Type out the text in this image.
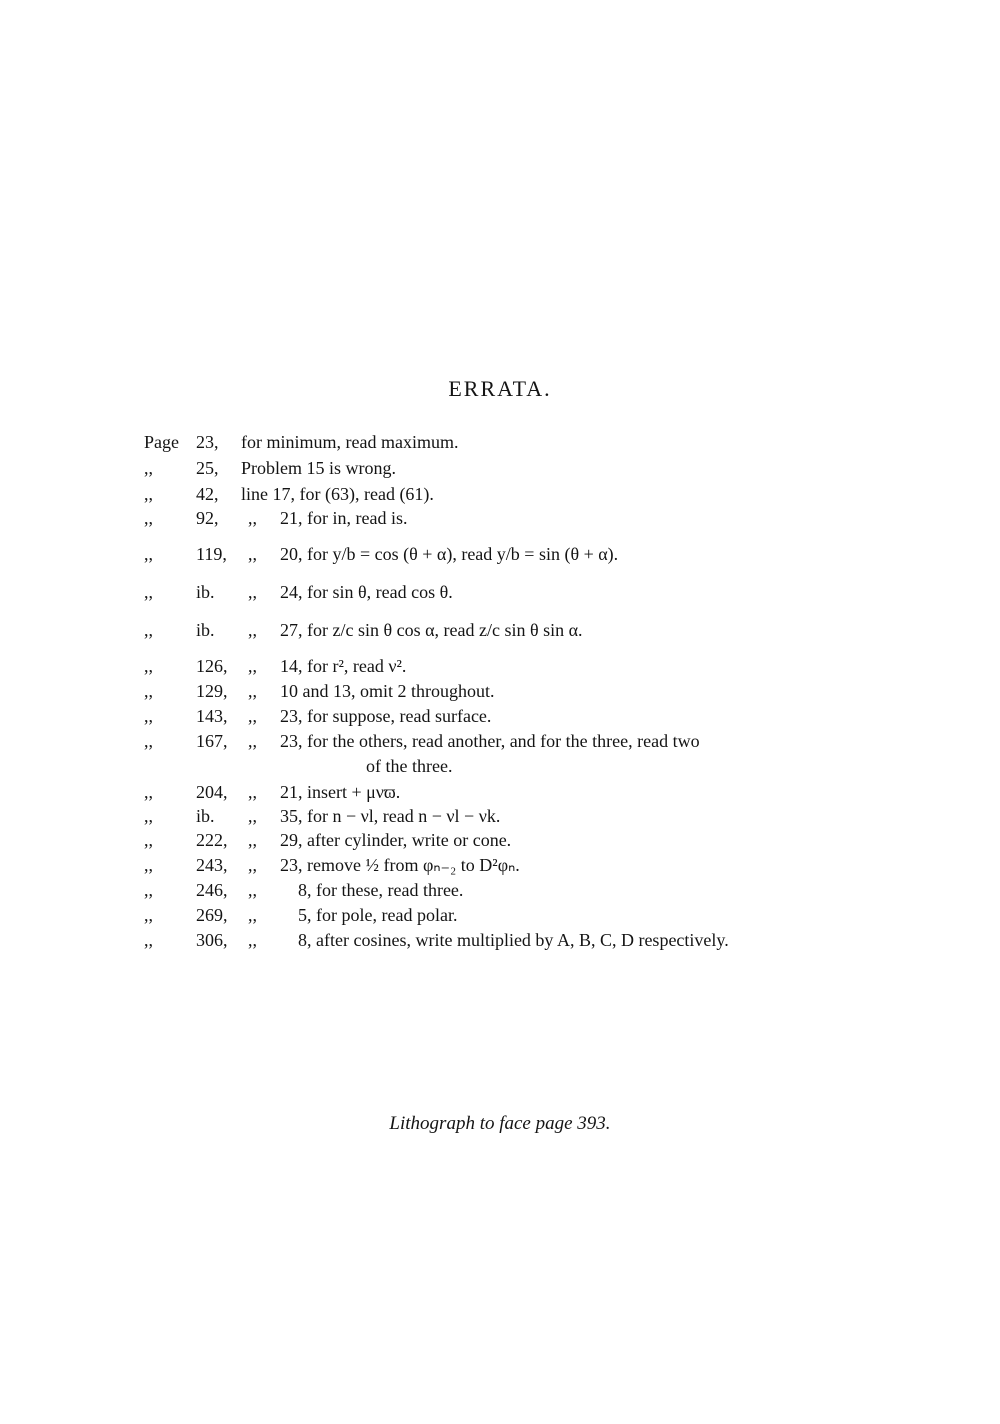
ERRATA.
Page 23, for minimum, read maximum.
,, 25, Problem 15 is wrong.
,, 42, line 17, for (63), read (61).
,, 92, ,, 21, for in, read is.
,, 119, ,, 20, for y/b = cos (θ + α), read y/b = sin (θ + α).
,, ib. ,, 24, for sin θ, read cos θ.
,, ib. ,, 27, for z/c sin θ cos α, read z/c sin θ sin α.
,, 126, ,, 14, for r², read ν².
,, 129, ,, 10 and 13, omit 2 throughout.
,, 143, ,, 23, for suppose, read surface.
,, 167, ,, 23, for the others, read another, and for the three, read two
of the three.
,, 204, ,, 21, insert + μνϖ.
,, ib. ,, 35, for n − νl, read n − νl − νk.
,, 222, ,, 29, after cylinder, write or cone.
,, 243, ,, 23, remove ½ from φₙ₋₂ to D²φₙ.
,, 246, ,, 8, for these, read three.
,, 269, ,, 5, for pole, read polar.
,, 306, ,, 8, after cosines, write multiplied by A, B, C, D respectively.
Lithograph to face page 393.
